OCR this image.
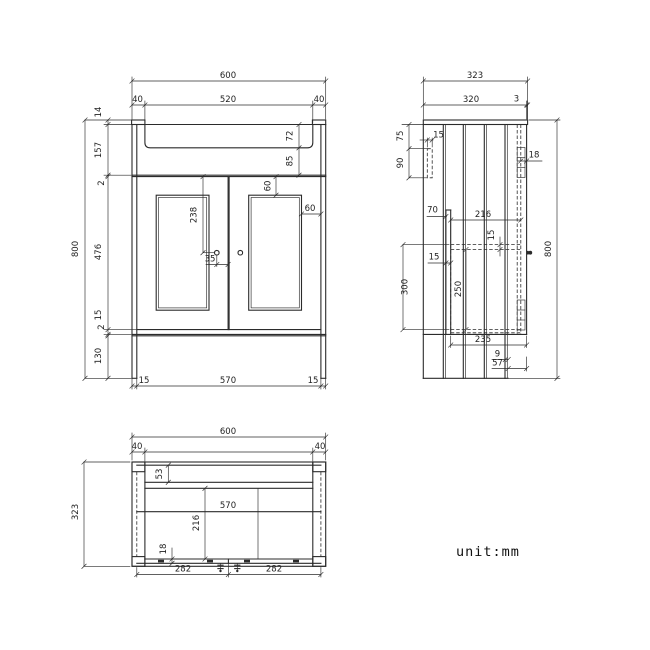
600
40	520	40
14
157
2
476
15
2
130
800
72
85
60
60
238
35
15	570	15
323
320	3
75	15
90
18
70	216
15
15
300	250
235
9
57
800
600
40	40
323
53
570
216
18
282	282
unit:mm
